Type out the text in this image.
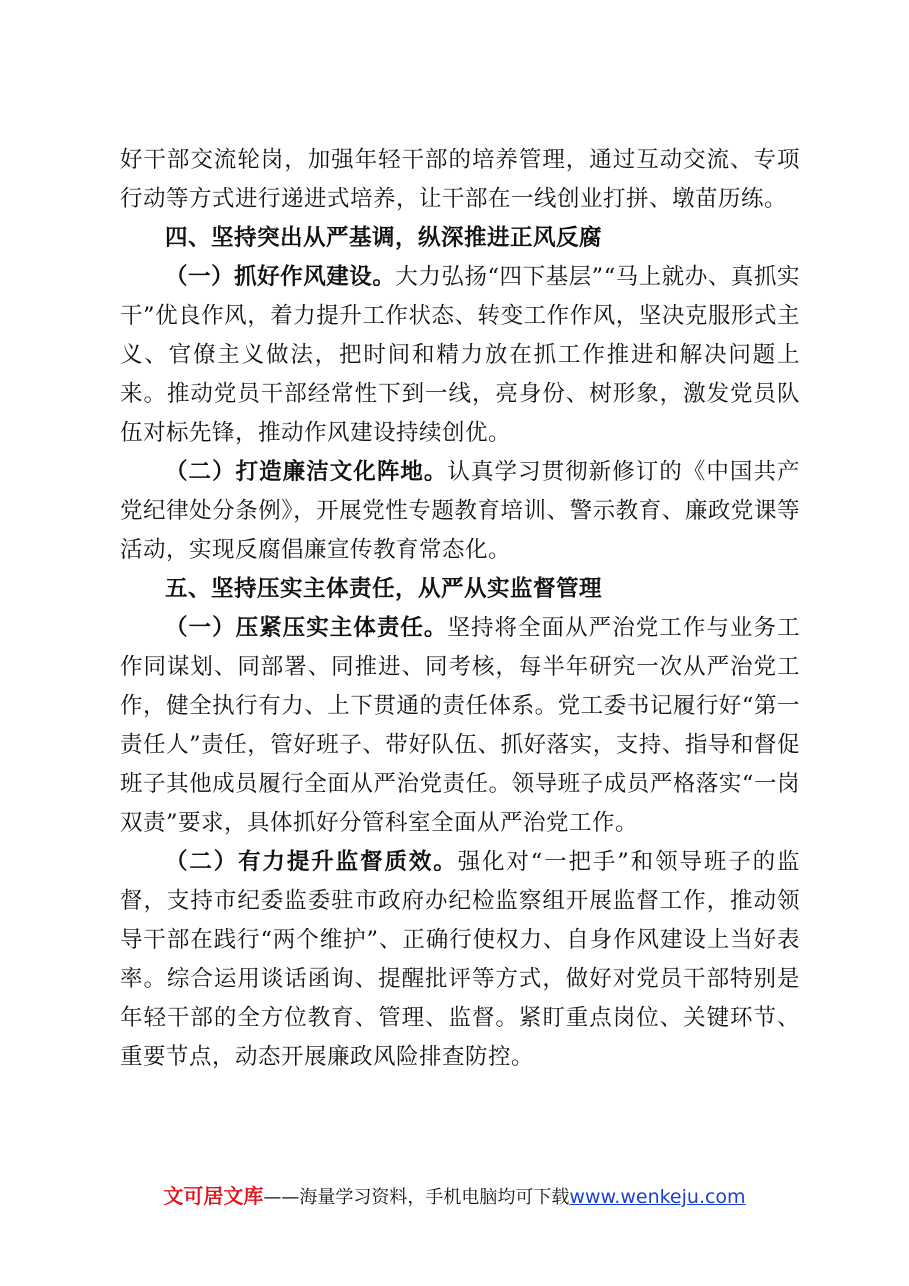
好干部交流轮岗，加强年轻干部的培养管理，通过互动交流、专项行动等方式进行递进式培养，让干部在一线创业打拼、墩苗历练。

四、坚持突出从严基调，纵深推进正风反腐

（一）抓好作风建设。大力弘扬“四下基层”“马上就办、真抓实干”优良作风，着力提升工作状态、转变工作作风，坚决克服形式主义、官僚主义做法，把时间和精力放在抓工作推进和解决问题上来。推动党员干部经常性下到一线，亮身份、树形象，激发党员队伍对标先锋，推动作风建设持续创优。

（二）打造廉洁文化阵地。认真学习贯彻新修订的《中国共产党纪律处分条例》，开展党性专题教育培训、警示教育、廉政党课等活动，实现反腐倡廉宣传教育常态化。

五、坚持压实主体责任，从严从实监督管理

（一）压紧压实主体责任。坚持将全面从严治党工作与业务工作同谋划、同部署、同推进、同考核，每半年研究一次从严治党工作，健全执行有力、上下贯通的责任体系。党工委书记履行好“第一责任人”责任，管好班子、带好队伍、抓好落实，支持、指导和督促班子其他成员履行全面从严治党责任。领导班子成员严格落实“一岗双责”要求，具体抓好分管科室全面从严治党工作。

（二）有力提升监督质效。强化对“一把手”和领导班子的监督，支持市纪委监委驻市政府办纪检监察组开展监督工作，推动领导干部在践行“两个维护”、正确行使权力、自身作风建设上当好表率。综合运用谈话函询、提醒批评等方式，做好对党员干部特别是年轻干部的全方位教育、管理、监督。紧盯重点岗位、关键环节、重要节点，动态开展廉政风险排查防控。

文可居文库——海量学习资料，手机电脑均可下载www.wenkeju.com
